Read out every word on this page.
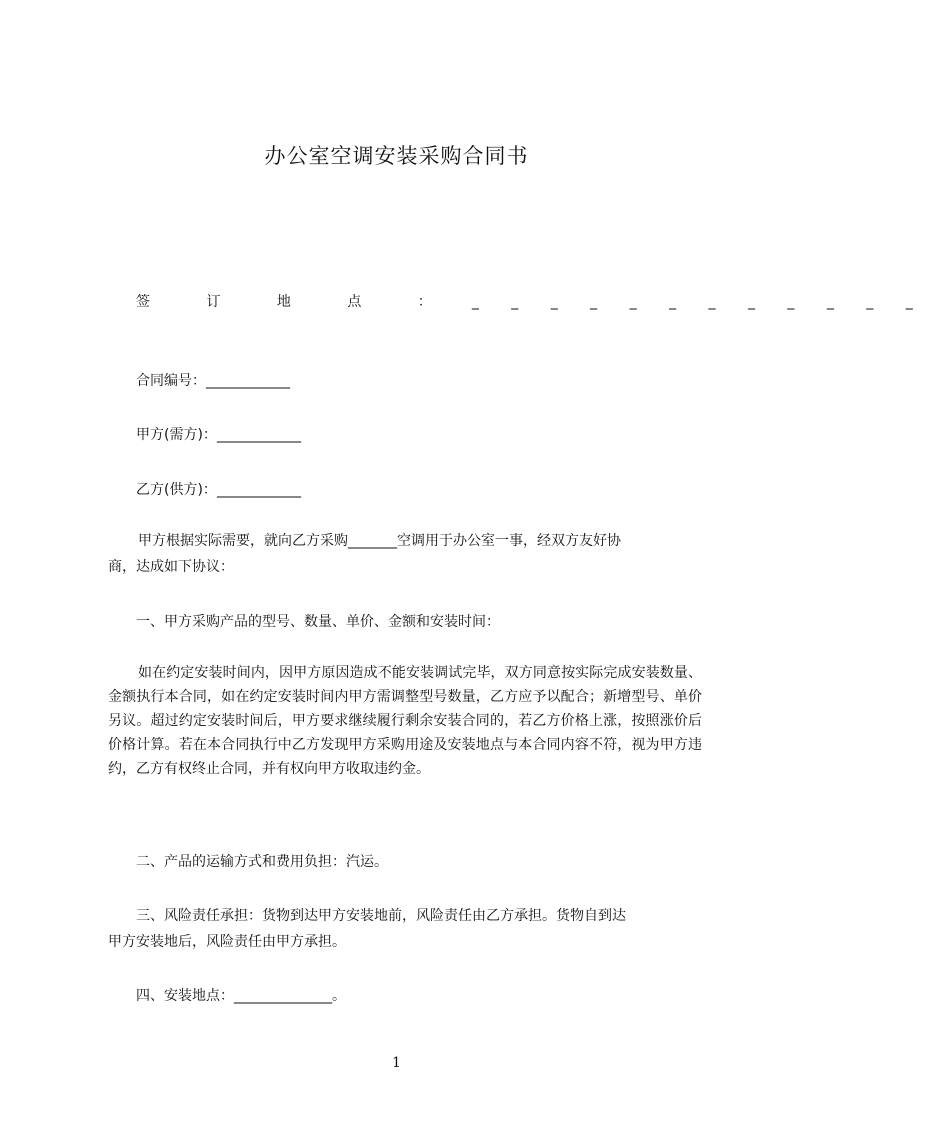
办公室空调安装采购合同书
签 订 地 点 ： _ _ _ _ _ _ _ _ _ _ _ _
合同编号：____________
甲方(需方)：____________
乙方(供方)：____________
甲方根据实际需要，就向乙方采购_______空调用于办公室一事，经双方友好协
商，达成如下协议：
一、甲方采购产品的型号、数量、单价、金额和安装时间：

如在约定安装时间内，因甲方原因造成不能安装调试完毕，双方同意按实际完成安装数量、金额执行本合同，如在约定安装时间内甲方需调整型号数量，乙方应予以配合；新增型号、单价另议。超过约定安装时间后，甲方要求继续履行剩余安装合同的，若乙方价格上涨，按照涨价后价格计算。若在本合同执行中乙方发现甲方采购用途及安装地点与本合同内容不符，视为甲方违约，乙方有权终止合同，并有权向甲方收取违约金。

二、产品的运输方式和费用负担：汽运。
三、风险责任承担：货物到达甲方安装地前，风险责任由乙方承担。货物自到达
甲方安装地后，风险责任由甲方承担。
四、安装地点：______________。
1
